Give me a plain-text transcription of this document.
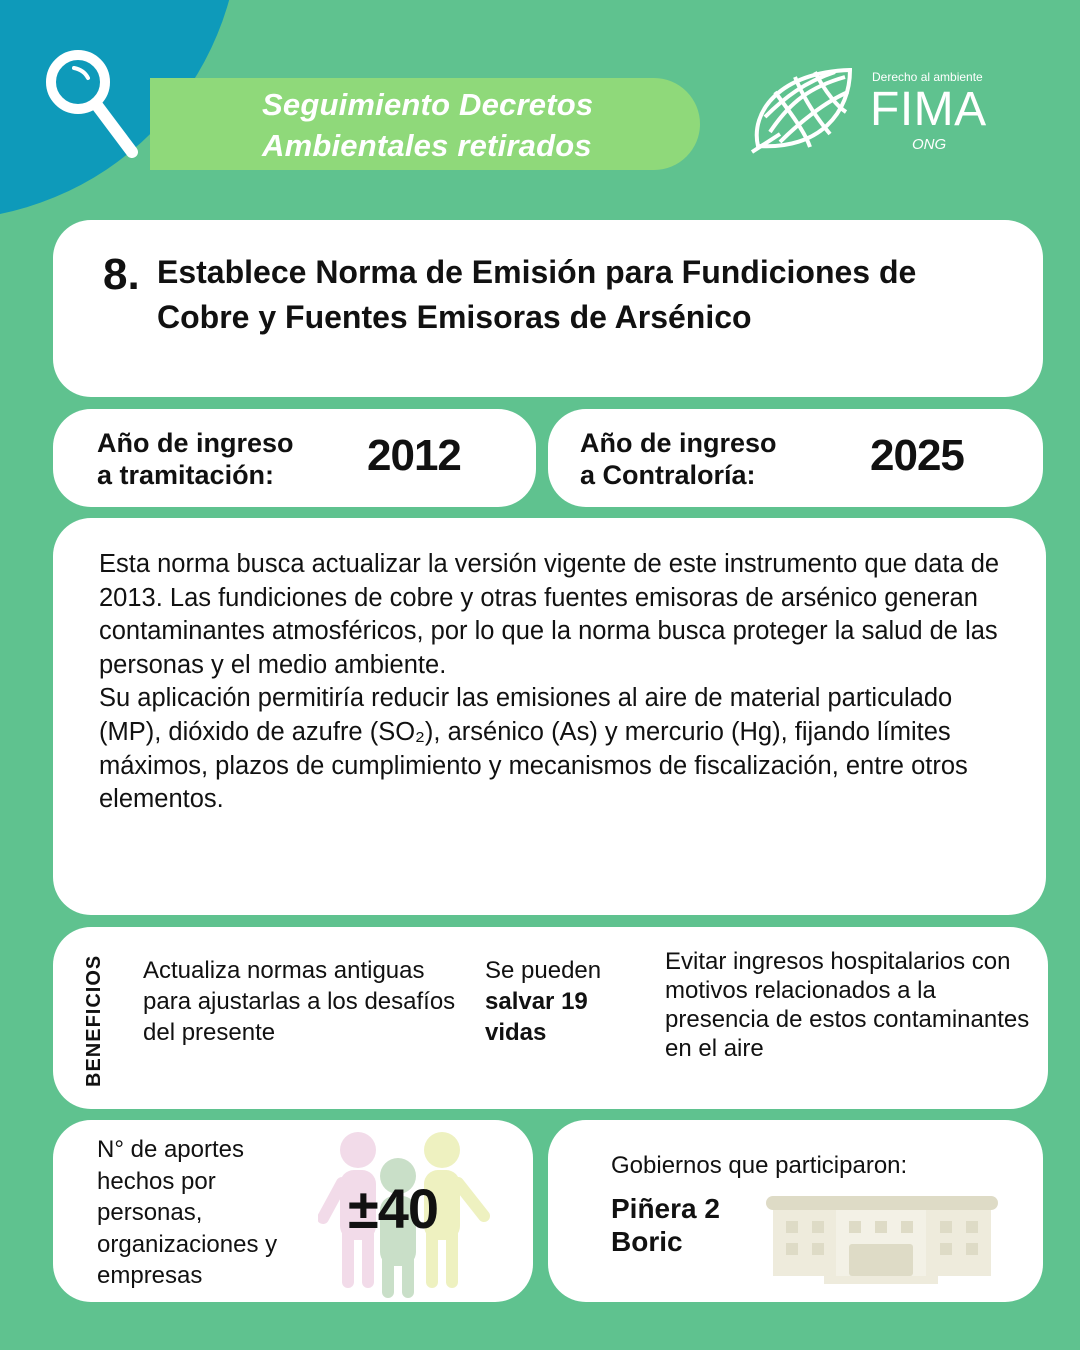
Seguimiento Decretos
Ambientales retirados
Derecho al ambiente
FIMA
ONG
8. Establece Norma de Emisión para Fundiciones de Cobre y Fuentes Emisoras de Arsénico
Año de ingreso
a tramitación:	2012	Año de ingreso
a Contraloría:	2025

Esta norma busca actualizar la versión vigente de este instrumento que data de 2013. Las fundiciones de cobre y otras fuentes emisoras de arsénico generan contaminantes atmosféricos, por lo que la norma busca proteger la salud de las personas y el medio ambiente.

Su aplicación permitiría reducir las emisiones al aire de material particulado (MP), dióxido de azufre (SO₂), arsénico (As) y mercurio (Hg), fijando límites máximos, plazos de cumplimiento y mecanismos de fiscalización, entre otros elementos.

BENEFICIOS Actualiza normas antiguas para ajustarlas a los desafíos del presente
Se pueden
salvar 19 vidas
Evitar ingresos hospitalarios con motivos relacionados a la presencia de estos contaminantes en el aire
N° de aportes hechos por personas, organizaciones y empresas
±40
Gobiernos que participaron:
Piñera 2
Boric
